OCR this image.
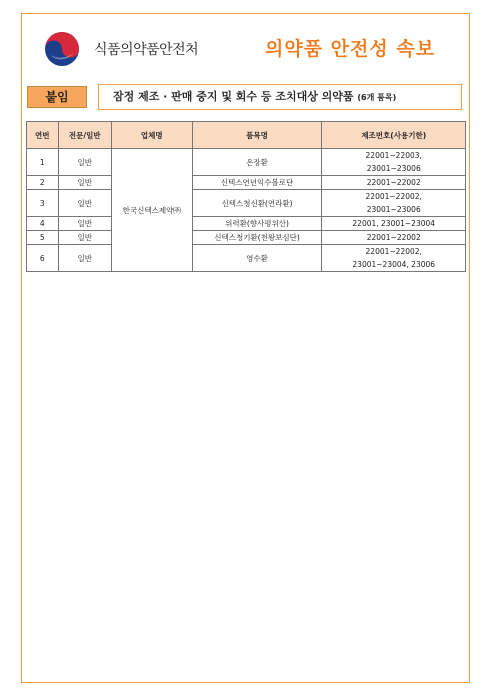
식품의약품안전처	의약품 안전성 속보
붙임	잠정 제조 · 판매 중지 및 회수 등 조치대상 의약품 (6개 품목)
연번	전문/일반	업체명	품목명	제조번호(사용기한)
1	일반	한국신텍스제약㈜	온장환	22001~22003,
23001~23006

2	일반		신텍스연년익수볼로단	22001~22002
3	일반		신텍스청신환(연라환)	22001~22002,
23001~23006

4	일반		위력환(향사평위산)	22001, 23001~23004
5	일반		신텍스청기환(천왕보심단)	22001~22002
6	일반		영수환	22001~22002,
23001~23004, 23006
